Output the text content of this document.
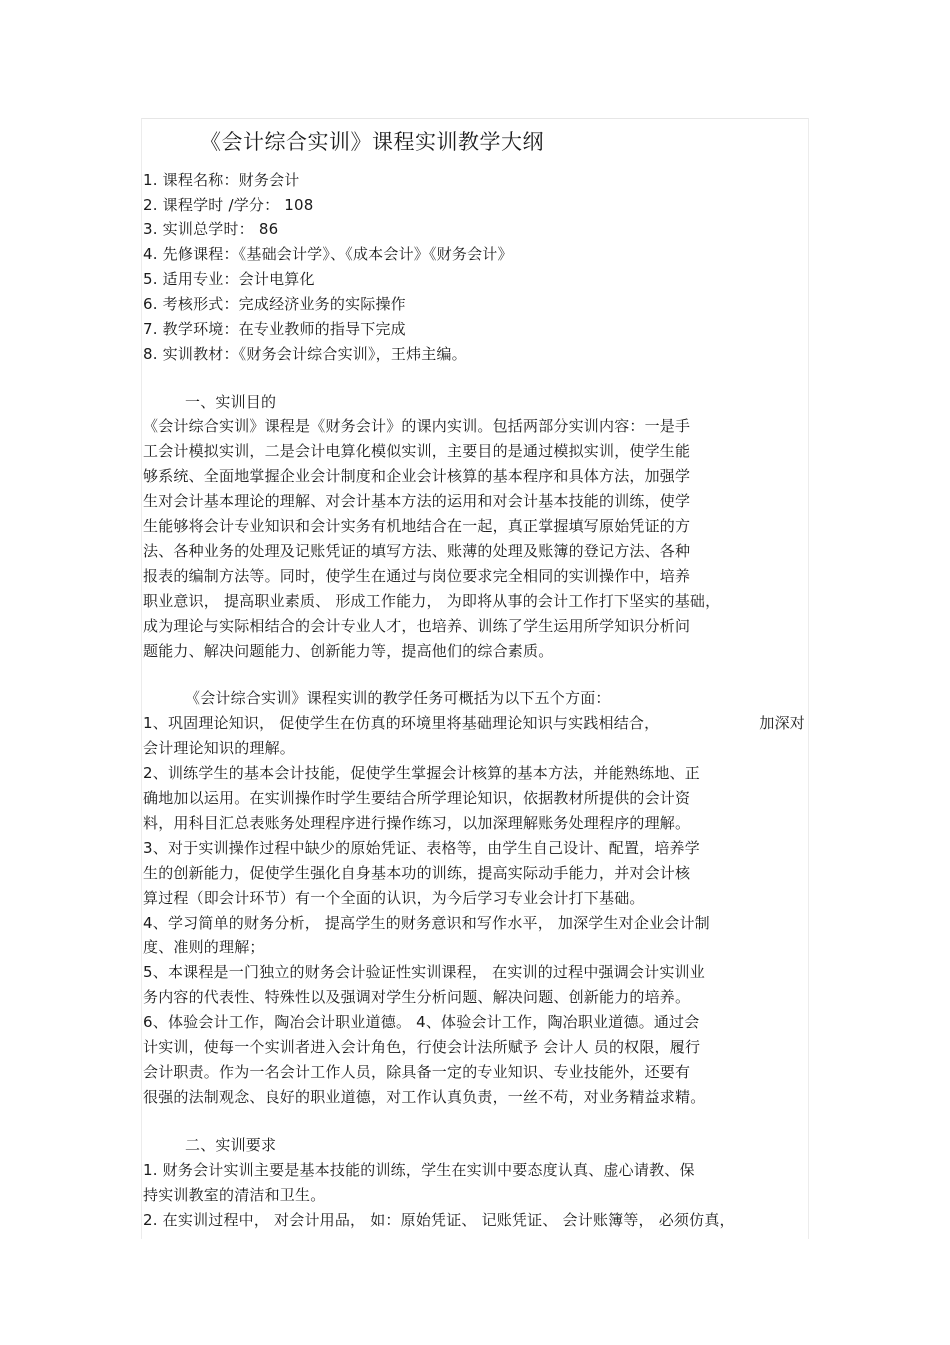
《会计综合实训》课程实训教学大纲
1. 课程名称：财务会计
2. 课程学时 /学分： 108
3. 实训总学时： 86
4. 先修课程：《基础会计学》、《成本会计》《财务会计》
5. 适用专业：会计电算化
6. 考核形式：完成经济业务的实际操作
7. 教学环境：在专业教师的指导下完成
8. 实训教材：《财务会计综合实训》，王炜主编。
一、实训目的
《会计综合实训》课程是《财务会计》的课内实训。包括两部分实训内容：一是手
工会计模拟实训，二是会计电算化模似实训，主要目的是通过模拟实训，使学生能
够系统、全面地掌握企业会计制度和企业会计核算的基本程序和具体方法，加强学
生对会计基本理论的理解、对会计基本方法的运用和对会计基本技能的训练，使学
生能够将会计专业知识和会计实务有机地结合在一起，真正掌握填写原始凭证的方
法、各种业务的处理及记账凭证的填写方法、账薄的处理及账簿的登记方法、各种
报表的编制方法等。同时，使学生在通过与岗位要求完全相同的实训操作中，培养
职业意识， 提高职业素质、 形成工作能力， 为即将从事的会计工作打下坚实的基础，
成为理论与实际相结合的会计专业人才，也培养、训练了学生运用所学知识分析问
题能力、解决问题能力、创新能力等，提高他们的综合素质。
《会计综合实训》课程实训的教学任务可概括为以下五个方面：
1、巩固理论知识， 促使学生在仿真的环境里将基础理论知识与实践相结合，	加深对
会计理论知识的理解。
2、训练学生的基本会计技能，促使学生掌握会计核算的基本方法，并能熟练地、正
确地加以运用。在实训操作时学生要结合所学理论知识，依据教材所提供的会计资
料，用科目汇总表账务处理程序进行操作练习，以加深理解账务处理程序的理解。
3、对于实训操作过程中缺少的原始凭证、表格等，由学生自己设计、配置，培养学
生的创新能力，促使学生强化自身基本功的训练，提高实际动手能力，并对会计核
算过程（即会计环节）有一个全面的认识，为今后学习专业会计打下基础。
4、学习简单的财务分析， 提高学生的财务意识和写作水平， 加深学生对企业会计制
度、准则的理解；
5、本课程是一门独立的财务会计验证性实训课程， 在实训的过程中强调会计实训业
务内容的代表性、特殊性以及强调对学生分析问题、解决问题、创新能力的培养。
6、体验会计工作，陶冶会计职业道德。 4、体验会计工作，陶冶职业道德。通过会
计实训，使每一个实训者进入会计角色，行使会计法所赋予 会计人 员的权限，履行
会计职责。作为一名会计工作人员，除具备一定的专业知识、专业技能外，还要有
很强的法制观念、良好的职业道德，对工作认真负责，一丝不苟，对业务精益求精。
二、实训要求
1. 财务会计实训主要是基本技能的训练，学生在实训中要态度认真、虚心请教、保
持实训教室的清洁和卫生。
2. 在实训过程中， 对会计用品， 如：原始凭证、 记账凭证、 会计账簿等， 必须仿真，
